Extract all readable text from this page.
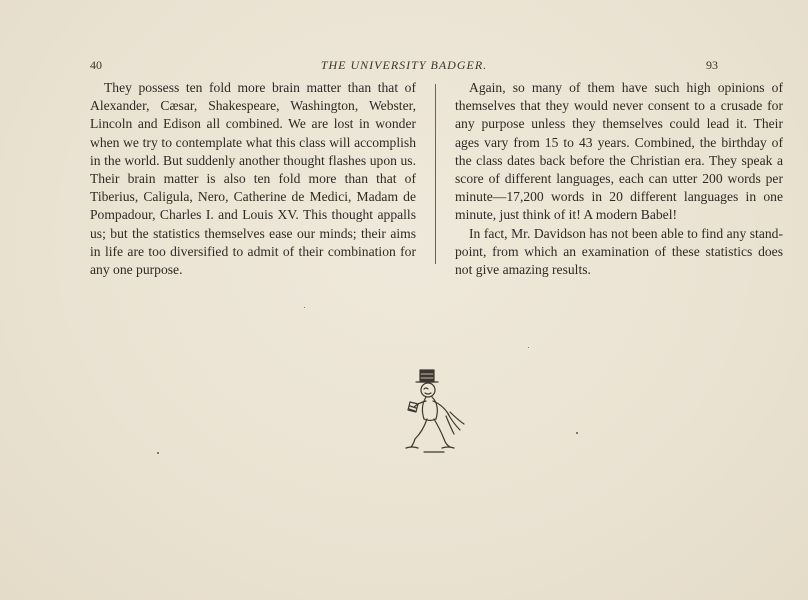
40	THE UNIVERSITY BADGER.	93

They possess ten fold more brain matter than that of Alexander, Cæsar, Shakespeare, Washington, Webster, Lincoln and Edison all combined. We are lost in wonder when we try to contemplate what this class will accomplish in the world. But suddenly another thought flashes upon us. Their brain matter is also ten fold more than that of Tiberius, Caligula, Nero, Catherine de Medici, Madam de Pompadour, Charles I. and Louis XV. This thought appalls us; but the statistics themselves ease our minds; their aims in life are too diversified to admit of their combination for any one purpose.

Again, so many of them have such high opinions of themselves that they would never consent to a crusade for any purpose unless they themselves could lead it. Their ages vary from 15 to 43 years. Combined, the birthday of the class dates back before the Christian era. They speak a score of different languages, each can utter 200 words per minute—17,200 words in 20 different languages in one minute, just think of it! A modern Babel!

In fact, Mr. Davidson has not been able to find any stand-point, from which an examination of these statistics does not give amazing results.
